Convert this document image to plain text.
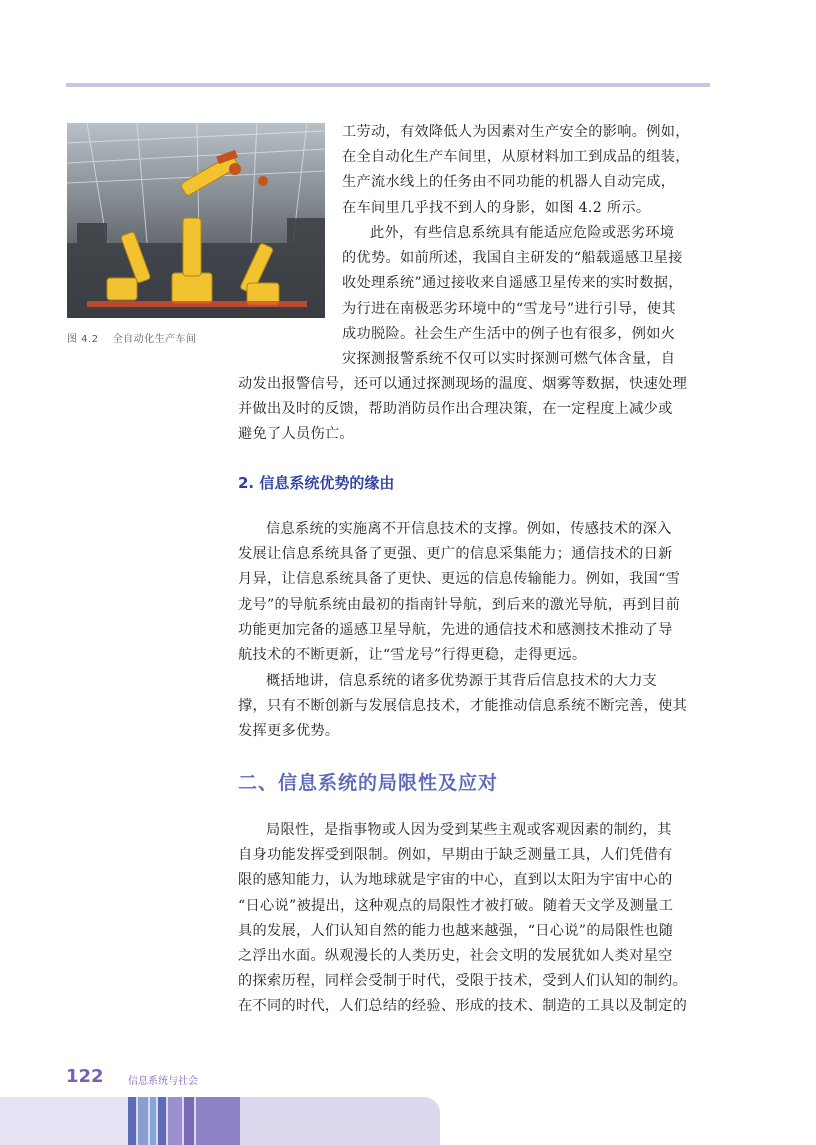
图 4.2 全自动化生产车间
工劳动，有效降低人为因素对生产安全的影响。例如，
在全自动化生产车间里，从原材料加工到成品的组装，
生产流水线上的任务由不同功能的机器人自动完成，
在车间里几乎找不到人的身影，如图 4.2 所示。
此外，有些信息系统具有能适应危险或恶劣环境
的优势。如前所述，我国自主研发的“船载遥感卫星接
收处理系统”通过接收来自遥感卫星传来的实时数据，
为行进在南极恶劣环境中的“雪龙号”进行引导，使其
成功脱险。社会生产生活中的例子也有很多，例如火
灾探测报警系统不仅可以实时探测可燃气体含量，自
动发出报警信号，还可以通过探测现场的温度、烟雾等数据，快速处理
并做出及时的反馈，帮助消防员作出合理决策，在一定程度上减少或
避免了人员伤亡。
2. 信息系统优势的缘由
信息系统的实施离不开信息技术的支撑。例如，传感技术的深入
发展让信息系统具备了更强、更广的信息采集能力；通信技术的日新
月异，让信息系统具备了更快、更远的信息传输能力。例如，我国“雪
龙号”的导航系统由最初的指南针导航，到后来的激光导航，再到目前
功能更加完备的遥感卫星导航，先进的通信技术和感测技术推动了导
航技术的不断更新，让“雪龙号”行得更稳，走得更远。
概括地讲，信息系统的诸多优势源于其背后信息技术的大力支
撑，只有不断创新与发展信息技术，才能推动信息系统不断完善，使其
发挥更多优势。
二、信息系统的局限性及应对
局限性，是指事物或人因为受到某些主观或客观因素的制约，其
自身功能发挥受到限制。例如，早期由于缺乏测量工具，人们凭借有
限的感知能力，认为地球就是宇宙的中心，直到以太阳为宇宙中心的
“日心说”被提出，这种观点的局限性才被打破。随着天文学及测量工
具的发展，人们认知自然的能力也越来越强，“日心说”的局限性也随
之浮出水面。纵观漫长的人类历史，社会文明的发展犹如人类对星空
的探索历程，同样会受制于时代，受限于技术，受到人们认知的制约。
在不同的时代，人们总结的经验、形成的技术、制造的工具以及制定的
122 信息系统与社会
